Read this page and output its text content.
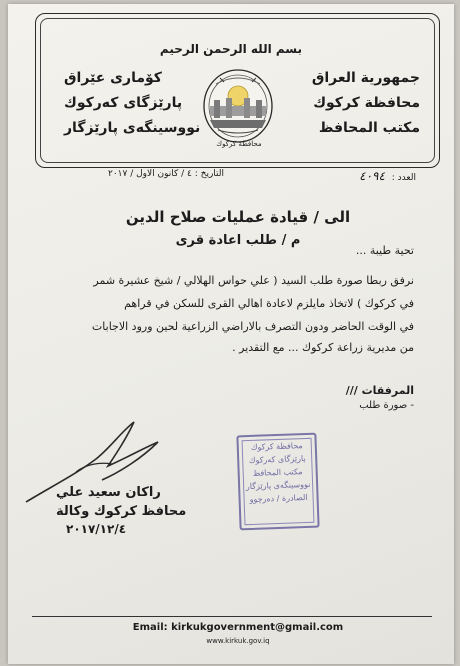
جمهورية العراق
محافظة كركوك
مكتب المحافظ
كۆماری عێراق
پارێزگای كەركوك
نووسینگەی پارێزگار
بسم الله الرحمن الرحيم
محافظة كركوك
العدد : ٤٠٩٤
التاريخ : ٤ / كانون الاول / ٢٠١٧
الى / قيادة عمليات صلاح الدين
م / طلب اعادة قرى
تحية طيبة ...
نرفق ربطا صورة طلب السيد ( علي حواس الهلالي / شيخ عشيرة شمر
في كركوك ) لاتخاذ مايلزم لاعادة اهالي القرى للسكن في قراهم
في الوقت الحاضر ودون التصرف بالاراضي الزراعية لحين ورود الاجابات
من مديرية زراعة كركوك ... مع التقدير .
المرفقات ///
- صورة طلب
محافظة كركوك
پارێزگای كەركوك
مكتب المحافظ
نووسینگەی پارێزگار
الصادرة / دەرچوو
راكان سعيد علي
محافظ كركوك وكالة
٢٠١٧/١٢/٤
Email: kirkukgovernment@gmail.com
www.kirkuk.gov.iq
